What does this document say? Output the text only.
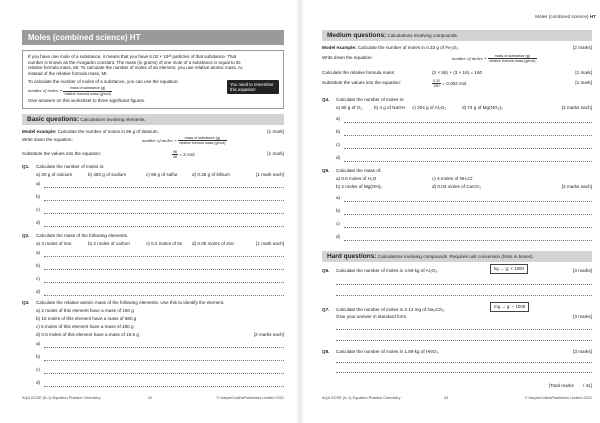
Moles (combined science) HT

If you have one mole of a substance, it means that you have 6.02 × 10²³ particles of that substance. That number is known as the Avogadro constant. The mass (in grams) of one mole of a substance is equal to its relative formula mass, Mr. To calculate the number of moles of an element, you use relative atomic mass, Ar, instead of the relative formula mass, Mr.

To calculate the number of moles of a substance, you can use the equation:

number of moles = $\frac{\text{mass of substance (g)}}{\text{relative formula mass (g/mol)}}$

Give answers on this worksheet to three significant figures.

You need to remember this equation!
Basic questions: Calculations involving elements.
Model example: Calculate the number of moles in 96 g of titanium.	[1 mark]
Write down the equation:	number of moles = $\frac{\text{mass of substance (g)}}{\text{relative formula mass (g/mol)}}$
Substitute the values into the equation:	$\frac{96}{48} = 2$ mol	[1 mark]
Q1. Calculate the number of moles in:
a) 20 g of calcium	b) 460 g of sodium	c) 96 g of sulfur	d) 0.35 g of lithium	[1 mark each]
a)
b)
c)
d)
Q2. Calculate the mass of the following elements.
a) 3 moles of iron	b) 2 moles of carbon	c) 0.2 moles of tin d) 0.05 moles of zinc	[1 mark each]
a)
b)
c)
d)
Q3. Calculate the relative atomic mass of the following elements. Use this to identify the element.
a) 2 moles of this element have a mass of 150 g
b) 10 moles of this element have a mass of 560 g
c) 5 moles of this element have a mass of 480 g
d) 0.5 moles of this element have a mass of 19.5 g	[2 marks each]
a)
b)
c)
d)
AQA GCSE (9–1) Equation Practice Chemistry	42	© HarperCollinsPublishers Limited 2021
Moles (combined science) HT
Medium questions: Calculations involving compounds.
Model example: Calculate the number of moles in 0.32 g of Fe₂O₃.	[2 marks]
Write down the equation:	number of moles = $\frac{\text{mass of substance (g)}}{\text{relative formula mass (g/mol)}}$
Calculate the relative formula mass:	(2 × 56) + (3 × 16) = 160	[1 mark]
Substitute the values into the equation:	$\frac{0.32}{160} = 0.002$ mol	[1 mark]
Q4. Calculate the number of moles in:
a) 80 g of O₂	b) 4 g of NaOH c) 204 g of Al₂O₃	d) 74 g of Mg(NO₃)₂	[2 marks each]
a)
b)
c)
d)
Q5. Calculate the mass of:
a) 0.6 moles of H₂O	c) 4 moles of NH₄Cl
b) 2 moles of Mg(OH)₂	d) 0.03 moles of CaCO₃	[2 marks each]
a)
b)
c)
d)
Hard questions: Calculations involving compounds. Requires unit conversion (hints in boxes).
Q6. Calculate the number of moles in 4.59 kg of Al₂O₃.	[3 marks]
kg → g: × 1000
Q7. Calculate the number of moles in 2.12 mg of Na₂CO₃.
Give your answer in standard form.	[3 marks]
mg → g: ÷ 1000
Q8. Calculate the number of moles in 1.89 kg of HNO₃.	[3 marks]
[Total marks / 41]
AQA GCSE (9–1) Equation Practice Chemistry	43	© HarperCollinsPublishers Limited 2021
